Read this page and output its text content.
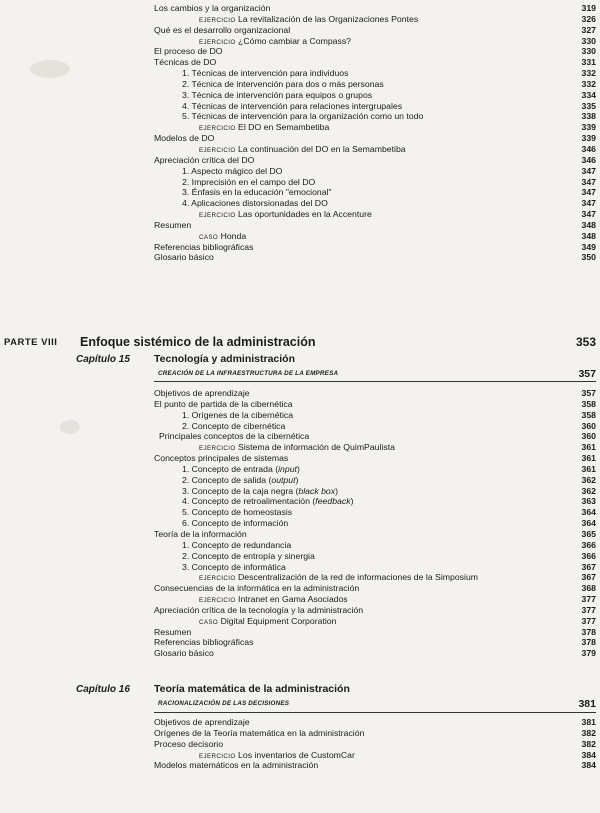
Los cambios y la organización	319
EJERCICIO La revitalización de las Organizaciones Pontes	326
Qué es el desarrollo organizacional	327
EJERCICIO ¿Cómo cambiar a Compass?	330
El proceso de DO	330
Técnicas de DO	331
1. Técnicas de intervención para individuos	332
2. Técnica de intervención para dos o más personas	332
3. Técnica de intervención para equipos o grupos	334
4. Técnicas de intervención para relaciones intergrupales	335
5. Técnicas de intervención para la organización como un todo	338
EJERCICIO El DO en Semambetiba	339
Modelos de DO	339
EJERCICIO La continuación del DO en la Semambetiba	346
Apreciación crítica del DO	346
1. Aspecto mágico del DO	347
2. Imprecisión en el campo del DO	347
3. Énfasis en la educación "emocional"	347
4. Aplicaciones distorsionadas del DO	347
EJERCICIO Las oportunidades en la Accenture	347
Resumen	348
CASO Honda	348
Referencias bibliográficas	349
Glosario básico	350
PARTE VIII Enfoque sistémico de la administración	353
Capítulo 15 Tecnología y administración
CREACIÓN DE LA INFRAESTRUCTURA DE LA EMPRESA	357
Objetivos de aprendizaje	357
El punto de partida de la cibernética	358
1. Orígenes de la cibernética	358
2. Concepto de cibernética	360
Principales conceptos de la cibernética	360
EJERCICIO Sistema de información de QuimPaulista	361
Conceptos principales de sistemas	361
1. Concepto de entrada (input)	361
2. Concepto de salida (output)	362
3. Concepto de la caja negra (black box)	362
4. Concepto de retroalimentación (feedback)	363
5. Concepto de homeostasis	364
6. Concepto de información	364
Teoría de la información	365
1. Concepto de redundancia	366
2. Concepto de entropía y sinergia	366
3. Concepto de informática	367
EJERCICIO Descentralización de la red de informaciones de la Simposium	367
Consecuencias de la informática en la administración	368
EJERCICIO Intranet en Gama Asociados	377
Apreciación crítica de la tecnología y la administración	377
CASO Digital Equipment Corporation	377
Resumen	378
Referencias bibliográficas	378
Glosario básico	379
Capítulo 16 Teoría matemática de la administración
RACIONALIZACIÓN DE LAS DECISIONES	381
Objetivos de aprendizaje	381
Orígenes de la Teoría matemática en la administración	382
Proceso decisorio	382
EJERCICIO Los inventarios de CustomCar	384
Modelos matemáticos en la administración	384
